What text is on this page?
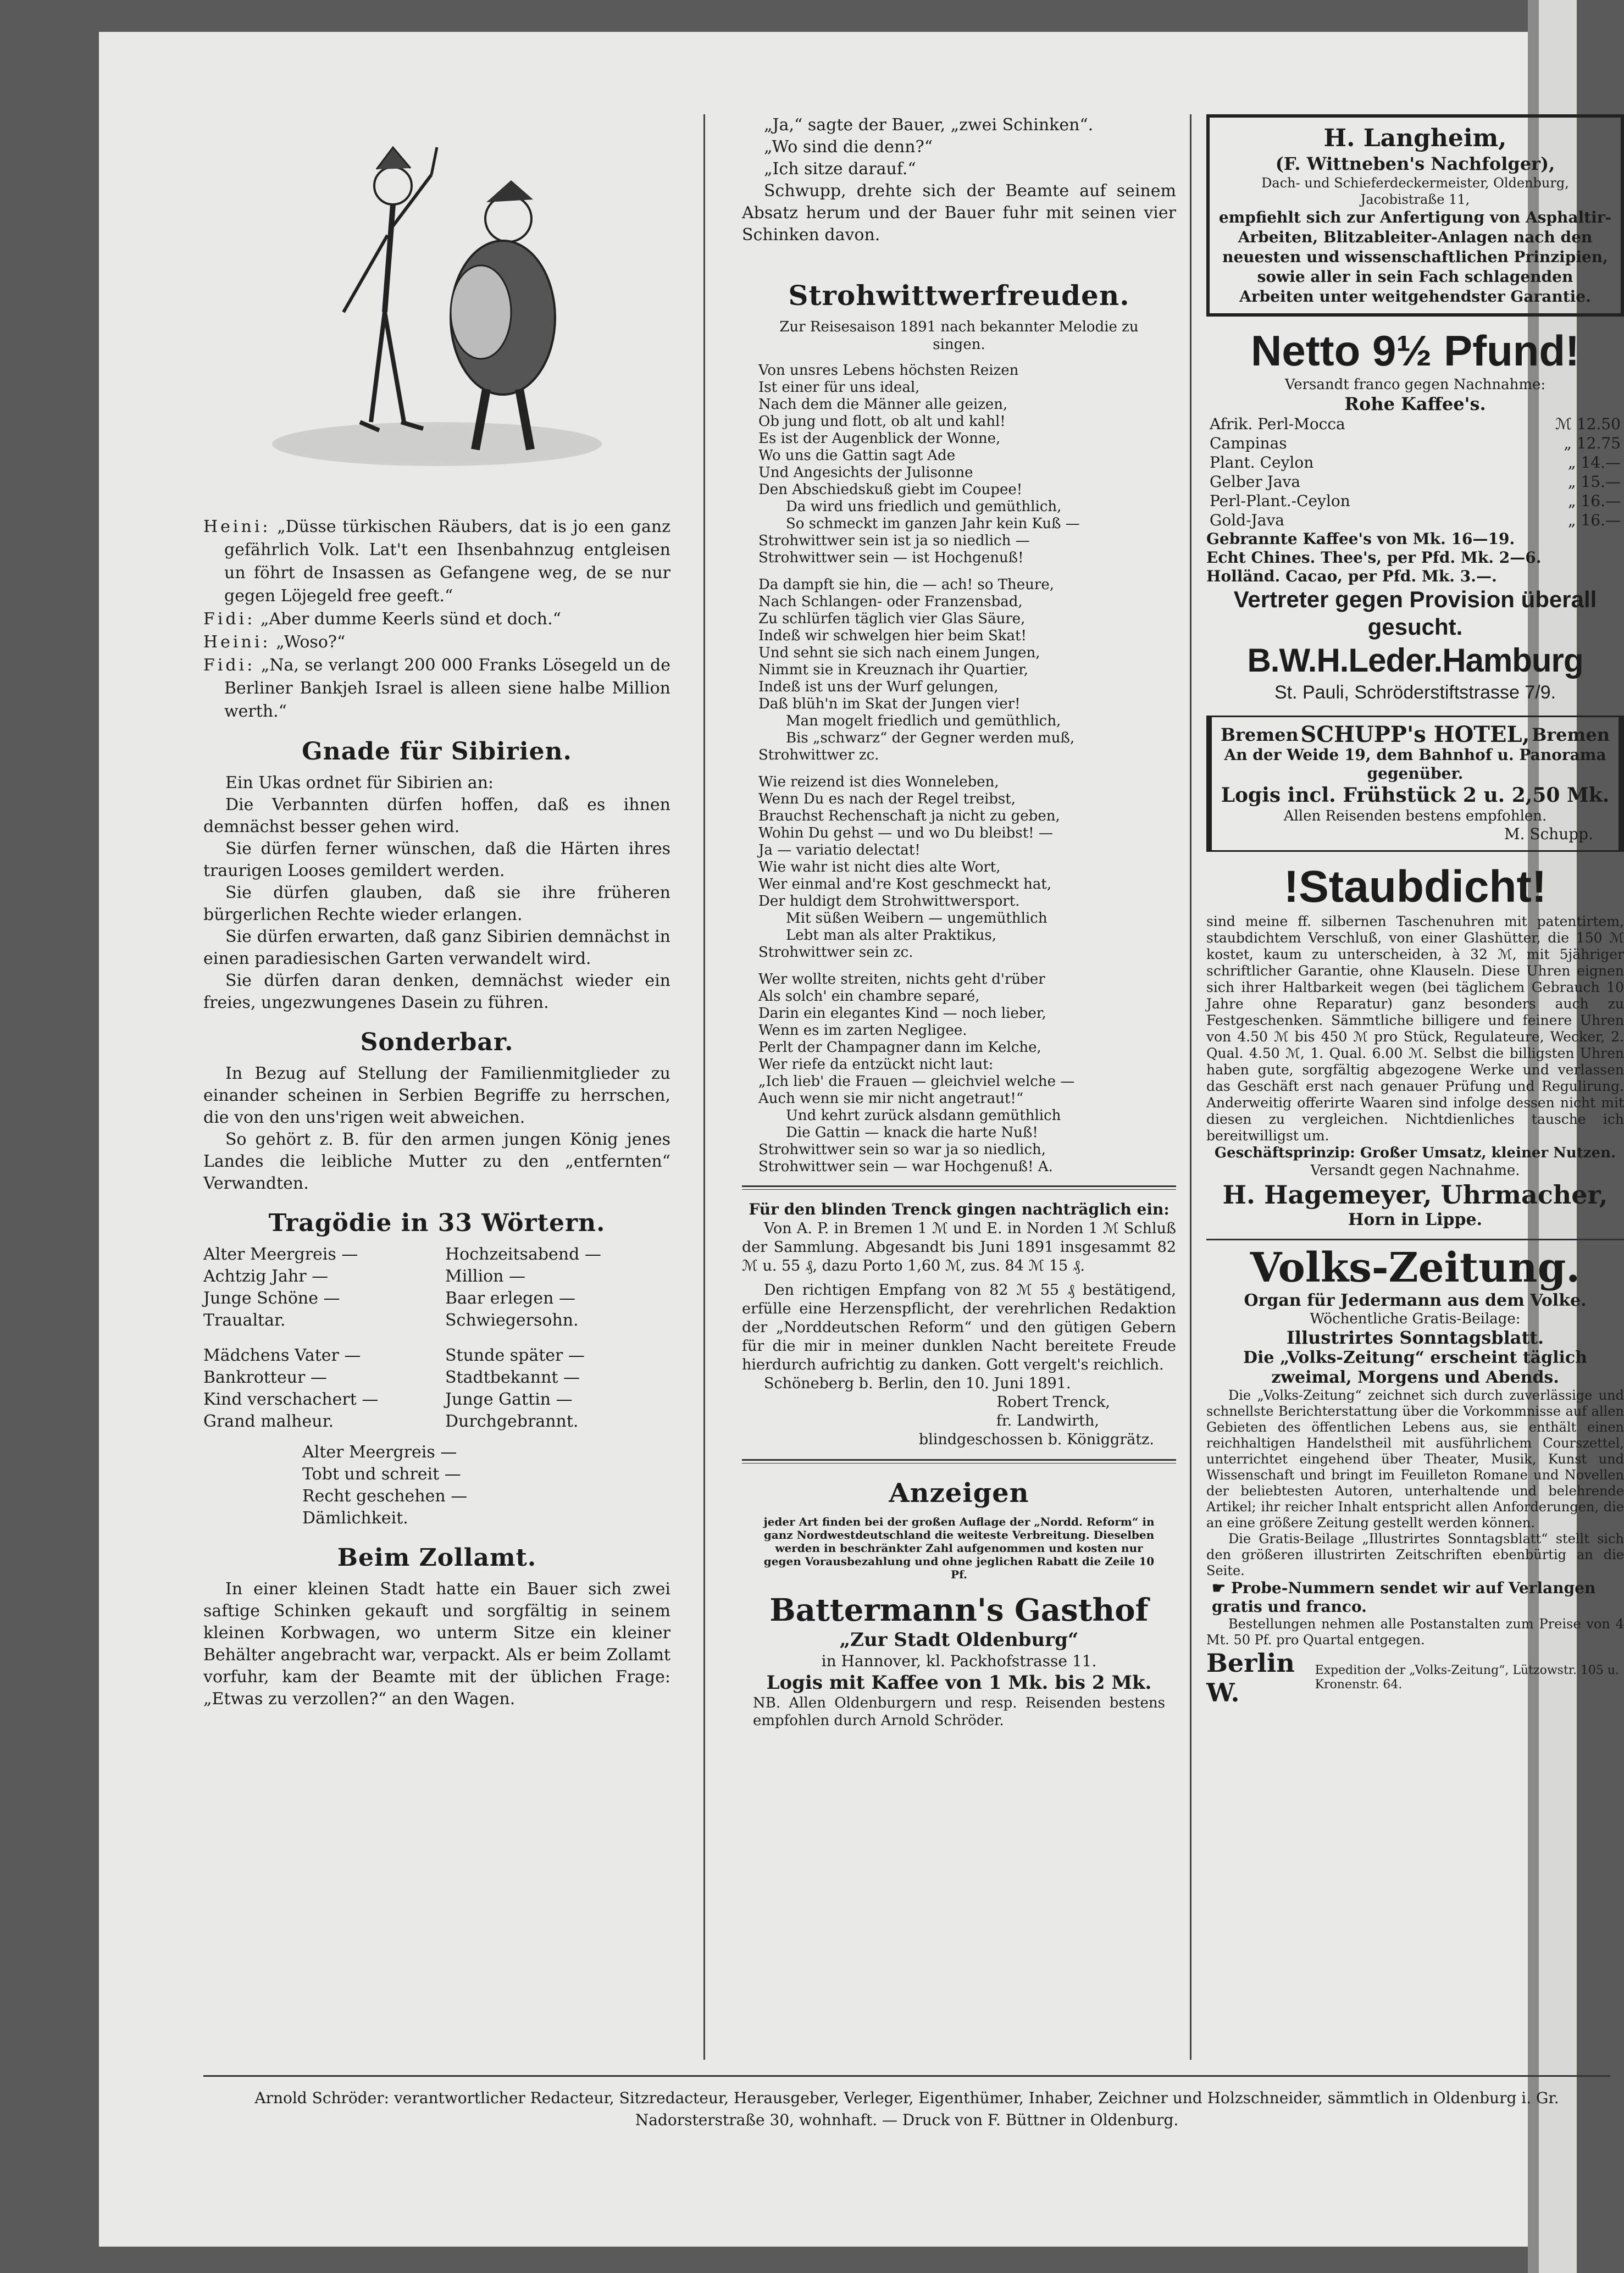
Heini: „Düsse türkischen Räubers, dat is jo een ganz gefährlich Volk. Lat't een Ihsenbahnzug entgleisen un föhrt de Insassen as Gefangene weg, de se nur gegen Löjegeld free geeft.“

Fidi: „Aber dumme Keerls sünd et doch.“

Heini: „Woso?“

Fidi: „Na, se verlangt 200 000 Franks Lösegeld un de Berliner Bankjeh Israel is alleen siene halbe Million werth.“

Gnade für Sibirien.

Ein Ukas ordnet für Sibirien an:

Die Verbannten dürfen hoffen, daß es ihnen demnächst besser gehen wird.

Sie dürfen ferner wünschen, daß die Härten ihres traurigen Looses gemildert werden.

Sie dürfen glauben, daß sie ihre früheren bürgerlichen Rechte wieder erlangen.

Sie dürfen erwarten, daß ganz Sibirien demnächst in einen paradiesischen Garten verwandelt wird.

Sie dürfen daran denken, demnächst wieder ein freies, ungezwungenes Dasein zu führen.

Sonderbar.

In Bezug auf Stellung der Familienmitglieder zu einander scheinen in Serbien Begriffe zu herrschen, die von den uns'rigen weit abweichen.

So gehört z. B. für den armen jungen König jenes Landes die leibliche Mutter zu den „entfernten“ Verwandten.

Tragödie in 33 Wörtern.

Alter Meergreis —

Achtzig Jahr —

Junge Schöne —

Traualtar.

Hochzeitsabend —

Million —

Baar erlegen —

Schwiegersohn.

Mädchens Vater —

Bankrotteur —

Kind verschachert —

Grand malheur.

Stunde später —

Stadtbekannt —

Junge Gattin —

Durchgebrannt.

Alter Meergreis —

Tobt und schreit —

Recht geschehen —

Dämlichkeit.

Beim Zollamt.

In einer kleinen Stadt hatte ein Bauer sich zwei saftige Schinken gekauft und sorgfältig in seinem kleinen Korbwagen, wo unterm Sitze ein kleiner Behälter angebracht war, verpackt. Als er beim Zollamt vorfuhr, kam der Beamte mit der üblichen Frage: „Etwas zu verzollen?“ an den Wagen.

„Ja,“ sagte der Bauer, „zwei Schinken“.

„Wo sind die denn?“

„Ich sitze darauf.“

Schwupp, drehte sich der Beamte auf seinem Absatz herum und der Bauer fuhr mit seinen vier Schinken davon.

Strohwittwerfreuden.

Zur Reisesaison 1891 nach bekannter Melodie zu singen.

Von unsres Lebens höchsten Reizen

Ist einer für uns ideal,

Nach dem die Männer alle geizen,

Ob jung und flott, ob alt und kahl!

Es ist der Augenblick der Wonne,

Wo uns die Gattin sagt Ade

Und Angesichts der Julisonne

Den Abschiedskuß giebt im Coupee!

Da wird uns friedlich und gemüthlich,

So schmeckt im ganzen Jahr kein Kuß —

Strohwittwer sein ist ja so niedlich —

Strohwittwer sein — ist Hochgenuß!

Da dampft sie hin, die — ach! so Theure,

Nach Schlangen- oder Franzensbad,

Zu schlürfen täglich vier Glas Säure,

Indeß wir schwelgen hier beim Skat!

Und sehnt sie sich nach einem Jungen,

Nimmt sie in Kreuznach ihr Quartier,

Indeß ist uns der Wurf gelungen,

Daß blüh'n im Skat der Jungen vier!

Man mogelt friedlich und gemüthlich,

Bis „schwarz“ der Gegner werden muß,

Strohwittwer zc.

Wie reizend ist dies Wonneleben,

Wenn Du es nach der Regel treibst,

Brauchst Rechenschaft ja nicht zu geben,

Wohin Du gehst — und wo Du bleibst! —

Ja — variatio delectat!

Wie wahr ist nicht dies alte Wort,

Wer einmal and're Kost geschmeckt hat,

Der huldigt dem Strohwittwersport.

Mit süßen Weibern — ungemüthlich

Lebt man als alter Praktikus,

Strohwittwer sein zc.

Wer wollte streiten, nichts geht d'rüber

Als solch' ein chambre separé,

Darin ein elegantes Kind — noch lieber,

Wenn es im zarten Negligee.

Perlt der Champagner dann im Kelche,

Wer riefe da entzückt nicht laut:

„Ich lieb' die Frauen — gleichviel welche —

Auch wenn sie mir nicht angetraut!“

Und kehrt zurück alsdann gemüthlich

Die Gattin — knack die harte Nuß!

Strohwittwer sein so war ja so niedlich,

Strohwittwer sein — war Hochgenuß! A.

Für den blinden Trenck gingen nachträglich ein:

Von A. P. in Bremen 1 ℳ und E. in Norden 1 ℳ Schluß der Sammlung. Abgesandt bis Juni 1891 insgesammt 82 ℳ u. 55 ₰, dazu Porto 1,60 ℳ, zus. 84 ℳ 15 ₰.

Den richtigen Empfang von 82 ℳ 55 ₰ bestätigend, erfülle eine Herzenspflicht, der verehrlichen Redaktion der „Norddeutschen Reform“ und den gütigen Gebern für die mir in meiner dunklen Nacht bereitete Freude hierdurch aufrichtig zu danken. Gott vergelt's reichlich.

Schöneberg b. Berlin, den 10. Juni 1891.

Robert Trenck,

fr. Landwirth,

blindgeschossen b. Königgrätz.

Anzeigen

jeder Art finden bei der großen Auflage der „Nordd. Reform“ in ganz Nordwestdeutschland die weiteste Verbreitung. Dieselben werden in beschränkter Zahl aufgenommen und kosten nur gegen Vorausbezahlung und ohne jeglichen Rabatt die Zeile 10 Pf.

Battermann's Gasthof

„Zur Stadt Oldenburg“

in Hannover, kl. Packhofstrasse 11.

Logis mit Kaffee von 1 Mk. bis 2 Mk.

NB. Allen Oldenburgern und resp. Reisenden bestens empfohlen durch Arnold Schröder.

H. Langheim,

(F. Wittneben's Nachfolger),

Dach- und Schieferdeckermeister, Oldenburg, Jacobistraße 11,

empfiehlt sich zur Anfertigung von Asphaltir-Arbeiten, Blitzableiter-Anlagen nach den neuesten und wissenschaftlichen Prinzipien, sowie aller in sein Fach schlagenden Arbeiten unter weitgehendster Garantie.

Netto 9½ Pfund!

Versandt franco gegen Nachnahme:

Rohe Kaffee's.

Afrik. Perl-Mocca	ℳ 12.50
Campinas	„ 12.75
Plant. Ceylon	„ 14.—
Gelber Java	„ 15.—
Perl-Plant.-Ceylon	„ 16.—
Gold-Java	„ 16.—

Gebrannte Kaffee's von Mk. 16—19.

Echt Chines. Thee's, per Pfd. Mk. 2—6.

Holländ. Cacao, per Pfd. Mk. 3.—.

Vertreter gegen Provision überall gesucht.

B.W.H.Leder.Hamburg

St. Pauli, Schröderstiftstrasse 7/9.

Bremen SCHUPP's HOTEL, Bremen

An der Weide 19, dem Bahnhof u. Panorama gegenüber.

Logis incl. Frühstück 2 u. 2,50 Mk.

Allen Reisenden bestens empfohlen.

M. Schupp.

!Staubdicht!

sind meine ff. silbernen Taschenuhren mit patentirtem, staubdichtem Verschluß, von einer Glashütter, die 150 ℳ kostet, kaum zu unterscheiden, à 32 ℳ, mit 5jähriger schriftlicher Garantie, ohne Klauseln. Diese Uhren eignen sich ihrer Haltbarkeit wegen (bei täglichem Gebrauch 10 Jahre ohne Reparatur) ganz besonders auch zu Festgeschenken. Sämmtliche billigere und feinere Uhren von 4.50 ℳ bis 450 ℳ pro Stück, Regulateure, Wecker, 2. Qual. 4.50 ℳ, 1. Qual. 6.00 ℳ. Selbst die billigsten Uhren haben gute, sorgfältig abgezogene Werke und verlassen das Geschäft erst nach genauer Prüfung und Regulirung. Anderweitig offerirte Waaren sind infolge dessen nicht mit diesen zu vergleichen. Nichtdienliches tausche ich bereitwilligst um.

Geschäftsprinzip: Großer Umsatz, kleiner Nutzen.

Versandt gegen Nachnahme.

H. Hagemeyer, Uhrmacher,

Horn in Lippe.

Volks-Zeitung.

Organ für Jedermann aus dem Volke.

Wöchentliche Gratis-Beilage:

Illustrirtes Sonntagsblatt.

Die „Volks-Zeitung“ erscheint täglich zweimal, Morgens und Abends.

Die „Volks-Zeitung“ zeichnet sich durch zuverlässige und schnellste Berichterstattung über die Vorkommnisse auf allen Gebieten des öffentlichen Lebens aus, sie enthält einen reichhaltigen Handelstheil mit ausführlichem Courszettel, unterrichtet eingehend über Theater, Musik, Kunst und Wissenschaft und bringt im Feuilleton Romane und Novellen der beliebtesten Autoren, unterhaltende und belehrende Artikel; ihr reicher Inhalt entspricht allen Anforderungen, die an eine größere Zeitung gestellt werden können.

Die Gratis-Beilage „Illustrirtes Sonntagsblatt“ stellt sich den größeren illustrirten Zeitschriften ebenbürtig an die Seite.

☛ Probe-Nummern sendet wir auf Verlangen gratis und franco.

Bestellungen nehmen alle Postanstalten zum Preise von 4 Mt. 50 Pf. pro Quartal entgegen.

Berlin W.
Expedition der „Volks-Zeitung“, Lützowstr. 105 u. Kronenstr. 64.

Arnold Schröder: verantwortlicher Redacteur, Sitzredacteur, Herausgeber, Verleger, Eigenthümer, Inhaber, Zeichner und Holzschneider, sämmtlich in Oldenburg i. Gr. Nadorsterstraße 30, wohnhaft. — Druck von F. Büttner in Oldenburg.
